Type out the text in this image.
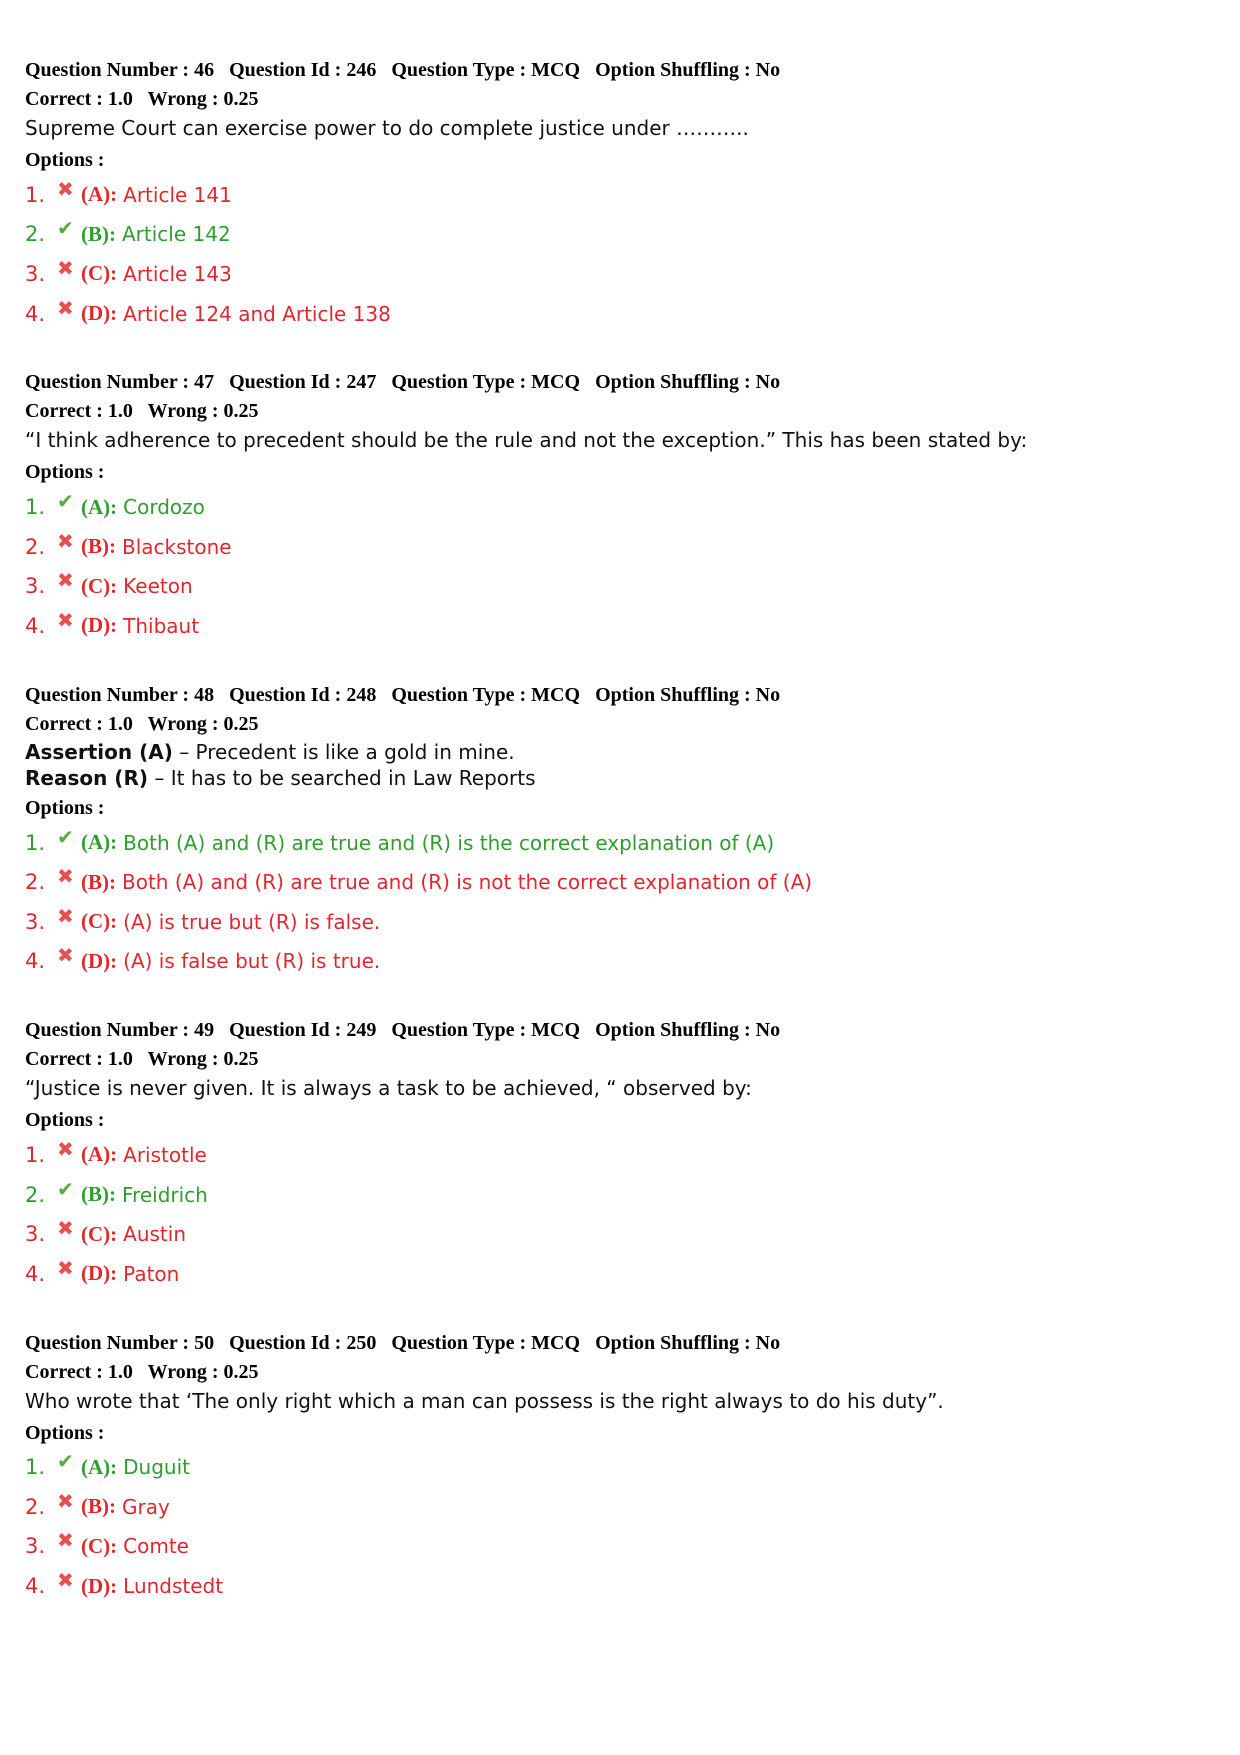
Question Number : 46 Question Id : 246 Question Type : MCQ Option Shuffling : No
Correct : 1.0 Wrong : 0.25
Supreme Court can exercise power to do complete justice under ………..
Options :
1. ✖ (A): Article 141
2. ✔ (B): Article 142
3. ✖ (C): Article 143
4. ✖ (D): Article 124 and Article 138
Question Number : 47 Question Id : 247 Question Type : MCQ Option Shuffling : No
Correct : 1.0 Wrong : 0.25
“I think adherence to precedent should be the rule and not the exception.” This has been stated by:
Options :
1. ✔ (A): Cordozo
2. ✖ (B): Blackstone
3. ✖ (C): Keeton
4. ✖ (D): Thibaut
Question Number : 48 Question Id : 248 Question Type : MCQ Option Shuffling : No
Correct : 1.0 Wrong : 0.25
Assertion (A) – Precedent is like a gold in mine.
Reason (R) – It has to be searched in Law Reports
Options :
1. ✔ (A): Both (A) and (R) are true and (R) is the correct explanation of (A)
2. ✖ (B): Both (A) and (R) are true and (R) is not the correct explanation of (A)
3. ✖ (C): (A) is true but (R) is false.
4. ✖ (D): (A) is false but (R) is true.
Question Number : 49 Question Id : 249 Question Type : MCQ Option Shuffling : No
Correct : 1.0 Wrong : 0.25
“Justice is never given. It is always a task to be achieved, “ observed by:
Options :
1. ✖ (A): Aristotle
2. ✔ (B): Freidrich
3. ✖ (C): Austin
4. ✖ (D): Paton
Question Number : 50 Question Id : 250 Question Type : MCQ Option Shuffling : No
Correct : 1.0 Wrong : 0.25
Who wrote that ‘The only right which a man can possess is the right always to do his duty”.
Options :
1. ✔ (A): Duguit
2. ✖ (B): Gray
3. ✖ (C): Comte
4. ✖ (D): Lundstedt
